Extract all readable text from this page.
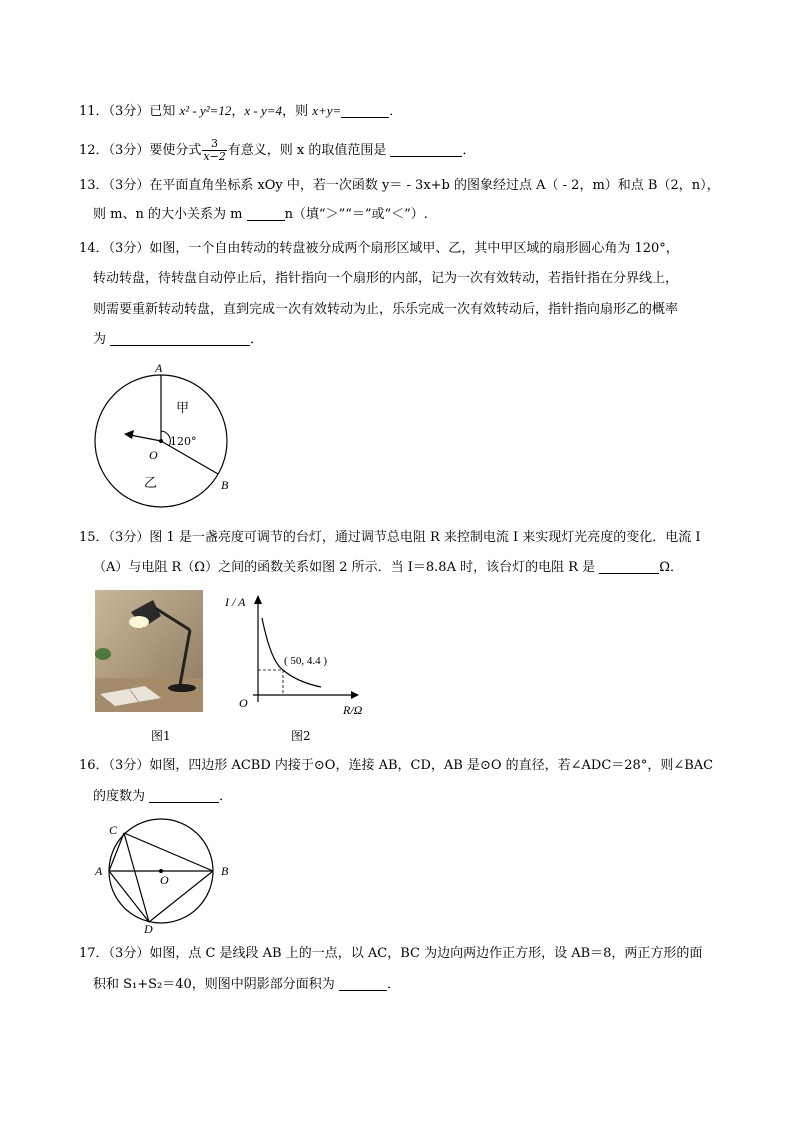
11．（3分）已知 x² - y²=12，x - y=4，则 x+y=	．
12．（3分）要使分式 $\frac{3}{x-2}$ 有意义，则 x 的取值范围是	．
13．（3分）在平面直角坐标系 xOy 中，若一次函数 y＝ - 3x+b 的图象经过点 A（ - 2，m）和点 B（2，n），
则 m、n 的大小关系为 m	n（填“＞”“＝”或“＜”）.
14．（3分）如图，一个自由转动的转盘被分成两个扇形区域甲、乙，其中甲区域的扇形圆心角为 120°，
转动转盘，待转盘自动停止后，指针指向一个扇形的内部，记为一次有效转动，若指针指在分界线上，
则需要重新转动转盘，直到完成一次有效转动为止，乐乐完成一次有效转动后，指针指向扇形乙的概率
为	．
A
B
O
甲
乙
120°
15．（3分）图 1 是一盏亮度可调节的台灯，通过调节总电阻 R 来控制电流 I 来实现灯光亮度的变化．电流 I
（A）与电阻 R（Ω）之间的函数关系如图 2 所示．当 I＝8.8A 时，该台灯的电阻 R 是	Ω．
图1
I / A
R/Ω
O
( 50, 4.4 )
图2
16．（3分）如图，四边形 ACBD 内接于⊙O，连接 AB，CD，AB 是⊙O 的直径，若∠ADC＝28°，则∠BAC
的度数为	．
C
A	B
O
D
17．（3分）如图，点 C 是线段 AB 上的一点，以 AC，BC 为边向两边作正方形，设 AB＝8，两正方形的面
积和 S₁+S₂＝40，则图中阴影部分面积为	．
